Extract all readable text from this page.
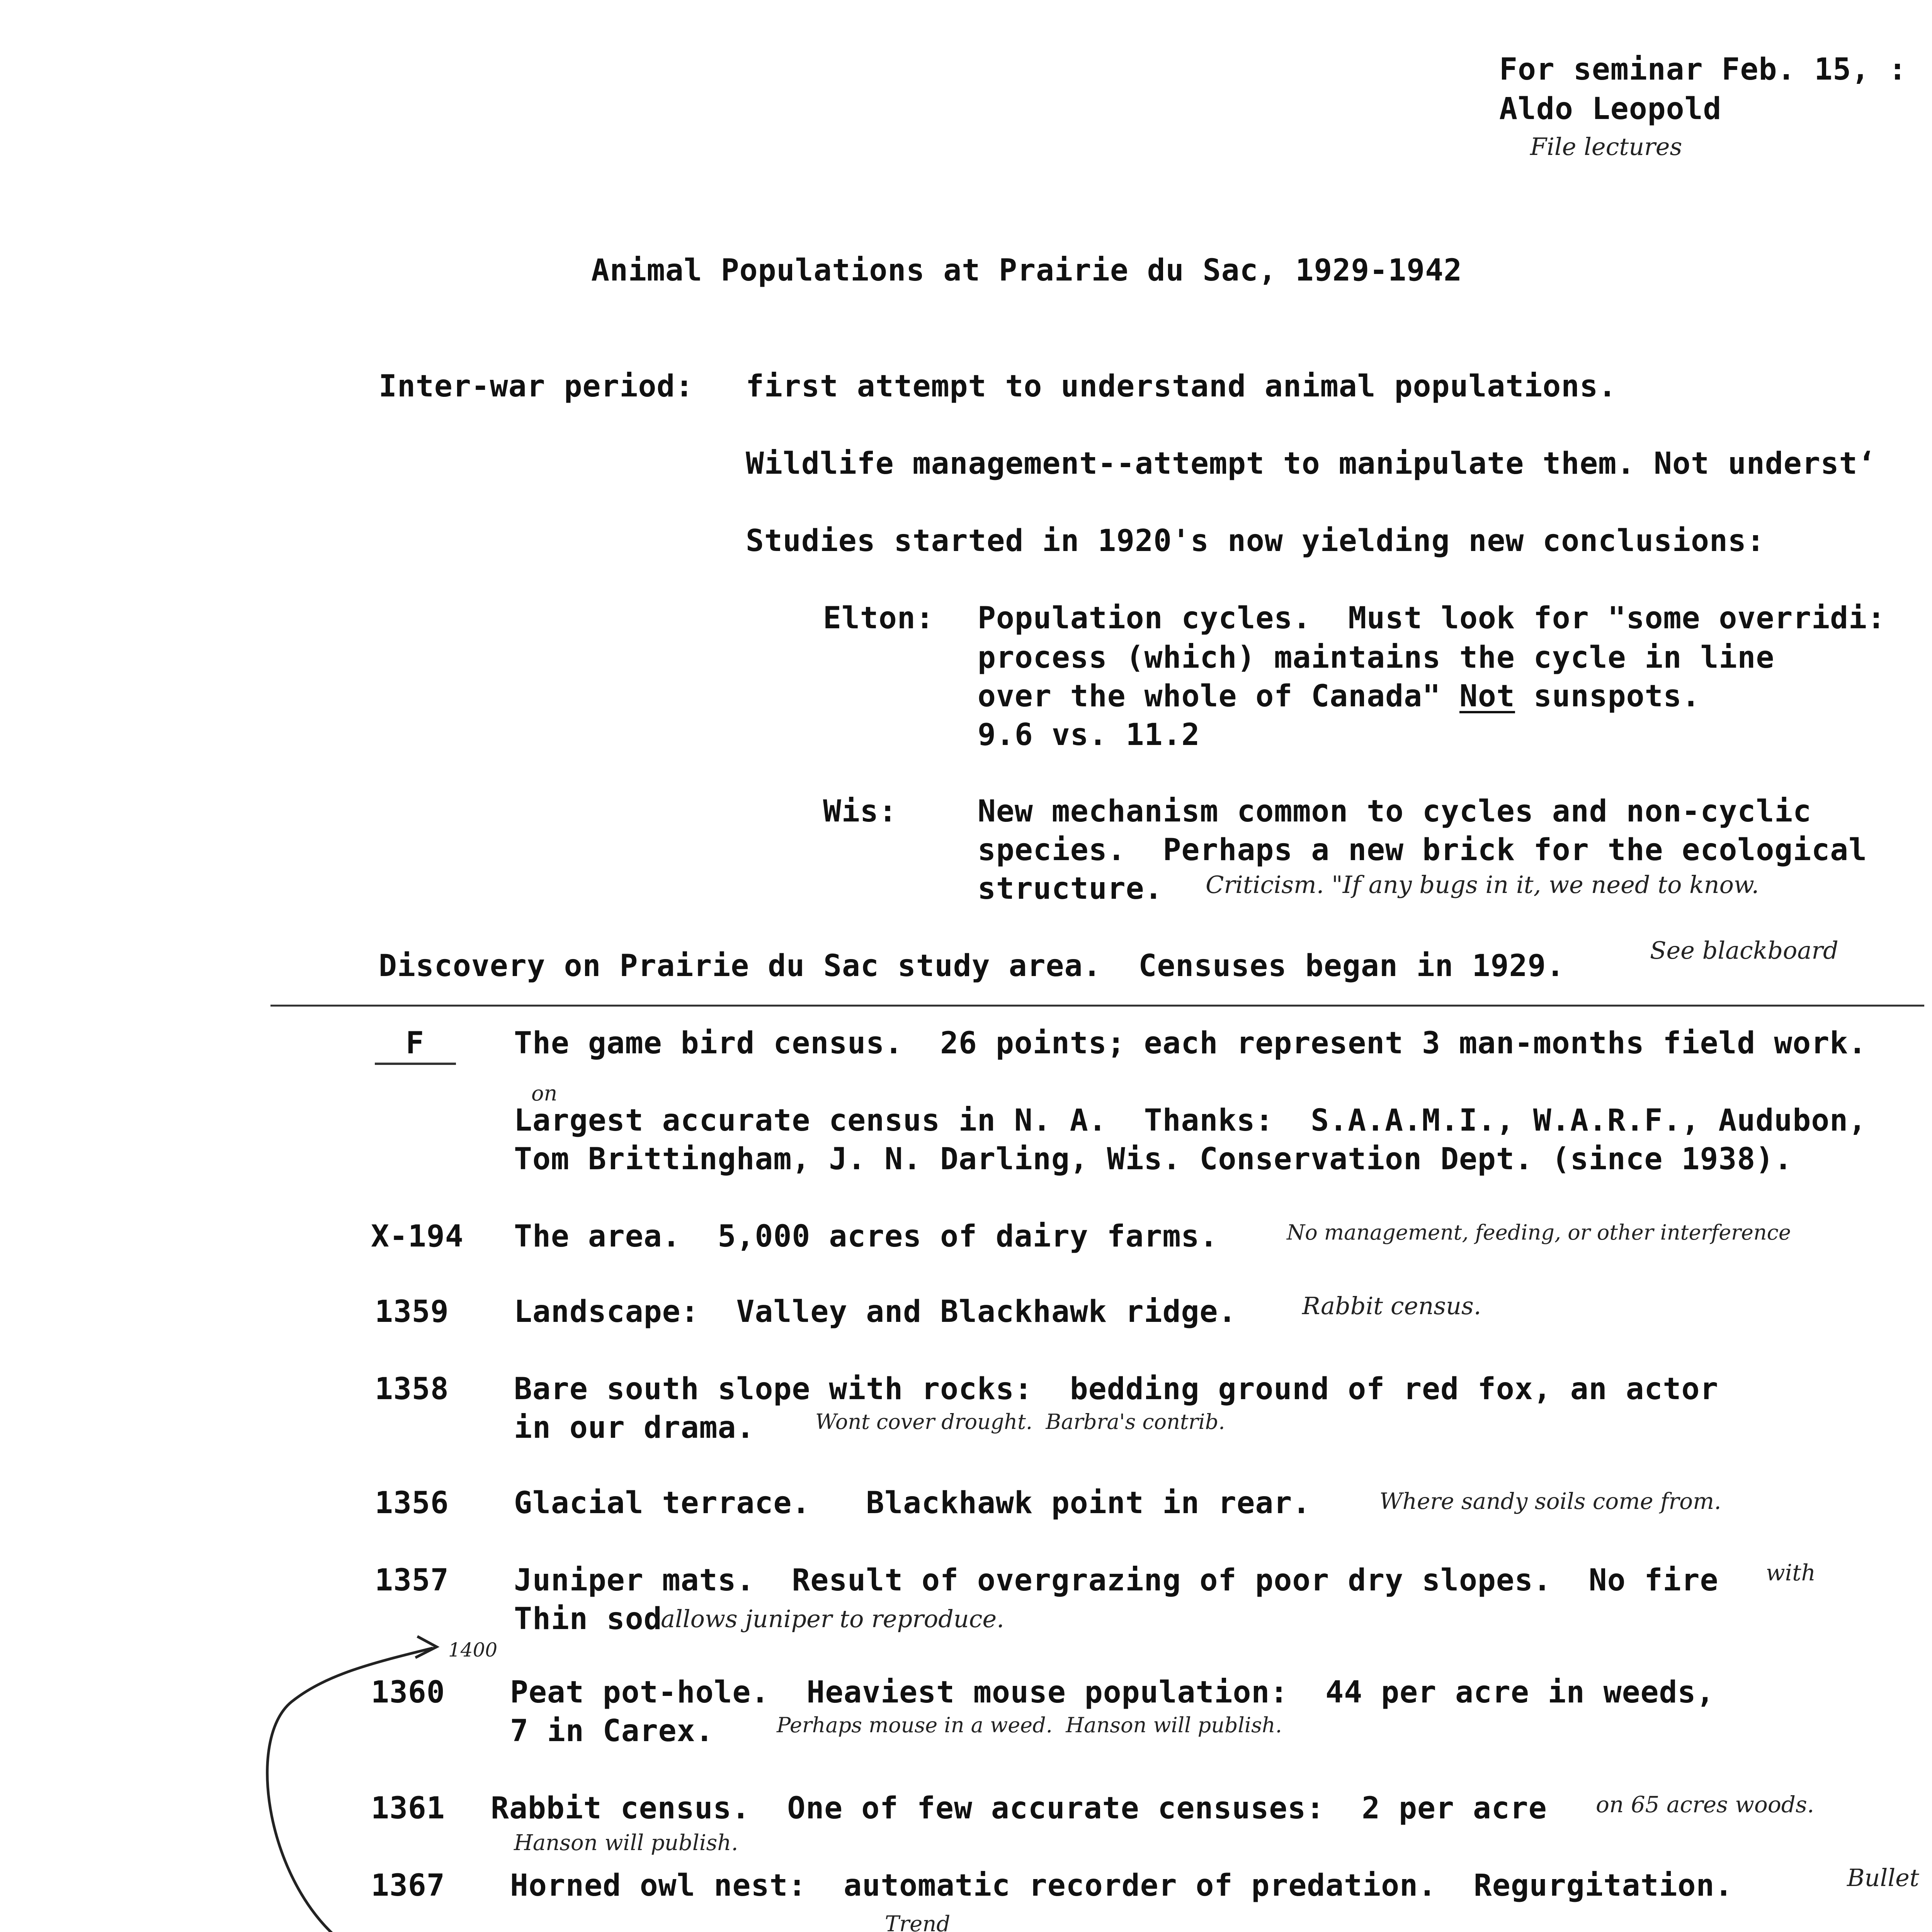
For seminar Feb. 15, :
Aldo Leopold
File lectures
Animal Populations at Prairie du Sac, 1929-1942
Inter-war period: first attempt to understand animal populations.
Wildlife management--attempt to manipulate them. Not underst‘
Studies started in 1920's now yielding new conclusions:
Elton: Population cycles.  Must look for "some overridi:
process (which) maintains the cycle in line
over the whole of Canada" Not sunspots.
9.6 vs. 11.2
Wis:	New mechanism common to cycles and non-cyclic
species.  Perhaps a new brick for the ecological
structure. Criticism. "If any bugs in it, we need to know.
Discovery on Prairie du Sac study area.  Censuses began in 1929.	See blackboard
F	The game bird census.  26 points; each represent 3 man-months field work.
on
Largest accurate census in N. A.  Thanks:  S.A.A.M.I., W.A.R.F., Audubon,
Tom Brittingham, J. N. Darling, Wis. Conservation Dept. (since 1938).
X-194 The area.  5,000 acres of dairy farms.	No management, feeding, or other interference
1359 Landscape:  Valley and Blackhawk ridge.	Rabbit census.
1358 Bare south slope with rocks:  bedding ground of red fox, an actor
in our drama.	Wont cover drought.  Barbra's contrib.
1356 Glacial terrace.   Blackhawk point in rear.	Where sandy soils come from.
1357 Juniper mats.  Result of overgrazing of poor dry slopes.  No fire with
Thin sod
allows juniper to reproduce.
1400
1360 Peat pot-hole.  Heaviest mouse population:  44 per acre in weeds,
7 in Carex.	Perhaps mouse in a weed.  Hanson will publish.
1361 Rabbit census.  One of few accurate censuses:  2 per acre on 65 acres woods.
Hanson will publish.
1367 Horned owl nest:  automatic recorder of predation.  Regurgitation.	Bullet
Trend
